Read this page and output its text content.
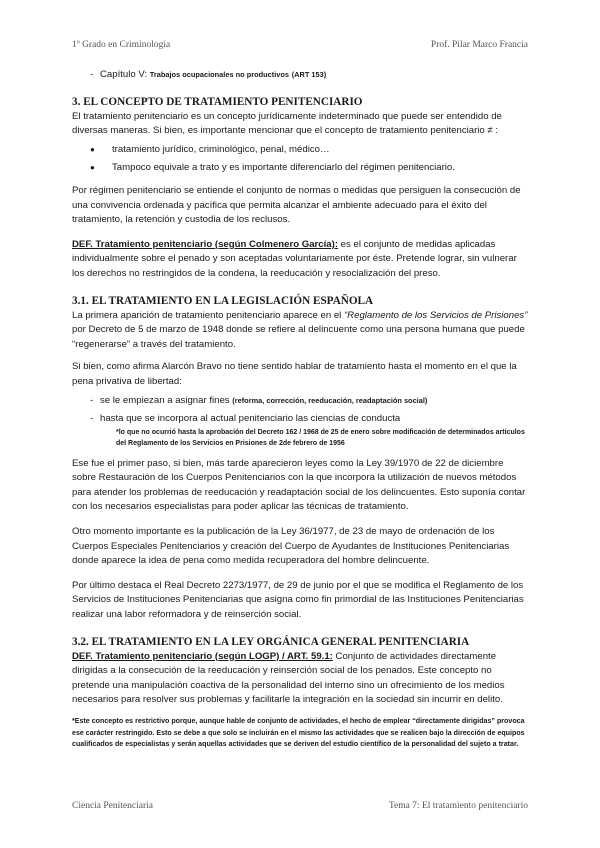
1º Grado en Criminología	Prof. Pilar Marco Francia
- Capítulo V: Trabajos ocupacionales no productivos (ART 153)
3. EL CONCEPTO DE TRATAMIENTO PENITENCIARIO

El tratamiento penitenciario es un concepto jurídicamente indeterminado que puede ser entendido de diversas maneras. Si bien, es importante mencionar que el concepto de tratamiento penitenciario ≠ :

● tratamiento jurídico, criminológico, penal, médico…
● Tampoco equivale a trato y es importante diferenciarlo del régimen penitenciario.

Por régimen penitenciario se entiende el conjunto de normas o medidas que persiguen la consecución de una convivencia ordenada y pacífica que permita alcanzar el ambiente adecuado para el éxito del tratamiento, la retención y custodia de los reclusos.

DEF. Tratamiento penitenciario (según Colmenero García): es el conjunto de medidas aplicadas individualmente sobre el penado y son aceptadas voluntariamente por éste. Pretende lograr, sin vulnerar los derechos no restringidos de la condena, la reeducación y resocialización del preso.

3.1. EL TRATAMIENTO EN LA LEGISLACIÓN ESPAÑOLA

La primera aparición de tratamiento penitenciario aparece en el “Reglamento de los Servicios de Prisiones” por Decreto de 5 de marzo de 1948 donde se refiere al delincuente como una persona humana que puede “regenerarse” a través del tratamiento.

Si bien, como afirma Alarcón Bravo no tiene sentido hablar de tratamiento hasta el momento en el que la pena privativa de libertad:

- se le empiezan a asignar fines (reforma, corrección, reeducación, readaptación social)
- hasta que se incorpora al actual penitenciario las ciencias de conducta
*lo que no ocurrió hasta la aprobación del Decreto 162 / 1968 de 25 de enero sobre modificación de determinados artículos del Reglamento de los Servicios en Prisiones de 2de febrero de 1956

Ese fue el primer paso, si bien, más tarde aparecieron leyes como la Ley 39/1970 de 22 de diciembre sobre Restauración de los Cuerpos Penitenciarios con la que incorpora la utilización de nuevos métodos para atender los problemas de reeducación y readaptación social de los delincuentes. Esto suponía contar con los necesarios especialistas para poder aplicar las técnicas de tratamiento.

Otro momento importante es la publicación de la Ley 36/1977, de 23 de mayo de ordenación de los Cuerpos Especiales Penitenciarios y creación del Cuerpo de Ayudantes de Instituciones Penitenciarias donde aparece la idea de pena como medida recuperadora del hombre delincuente.

Por último destaca el Real Decreto 2273/1977, de 29 de junio por el que se modifica el Reglamento de los Servicios de Instituciones Penitenciarias que asigna como fin primordial de las Instituciones Penitenciarias realizar una labor reformadora y de reinserción social.

3.2. EL TRATAMIENTO EN LA LEY ORGÁNICA GENERAL PENITENCIARIA

DEF. Tratamiento penitenciario (según LOGP) / ART. 59.1: Conjunto de actividades directamente dirigidas a la consecución de la reeducación y reinserción social de los penados. Este concepto no pretende una manipulación coactiva de la personalidad del interno sino un ofrecimiento de los medios necesarios para resolver sus problemas y facilitarle la integración en la sociedad sin incurrir en delito.

*Este concepto es restrictivo porque, aunque hable de conjunto de actividades, el hecho de emplear “directamente dirigidas” provoca ese carácter restringido. Esto se debe a que solo se incluirán en el mismo las actividades que se realicen bajo la dirección de equipos cualificados de especialistas y serán aquellas actividades que se deriven del estudio científico de la personalidad del sujeto a tratar.
Ciencia Penitenciaria	Tema 7: El tratamiento penitenciario
